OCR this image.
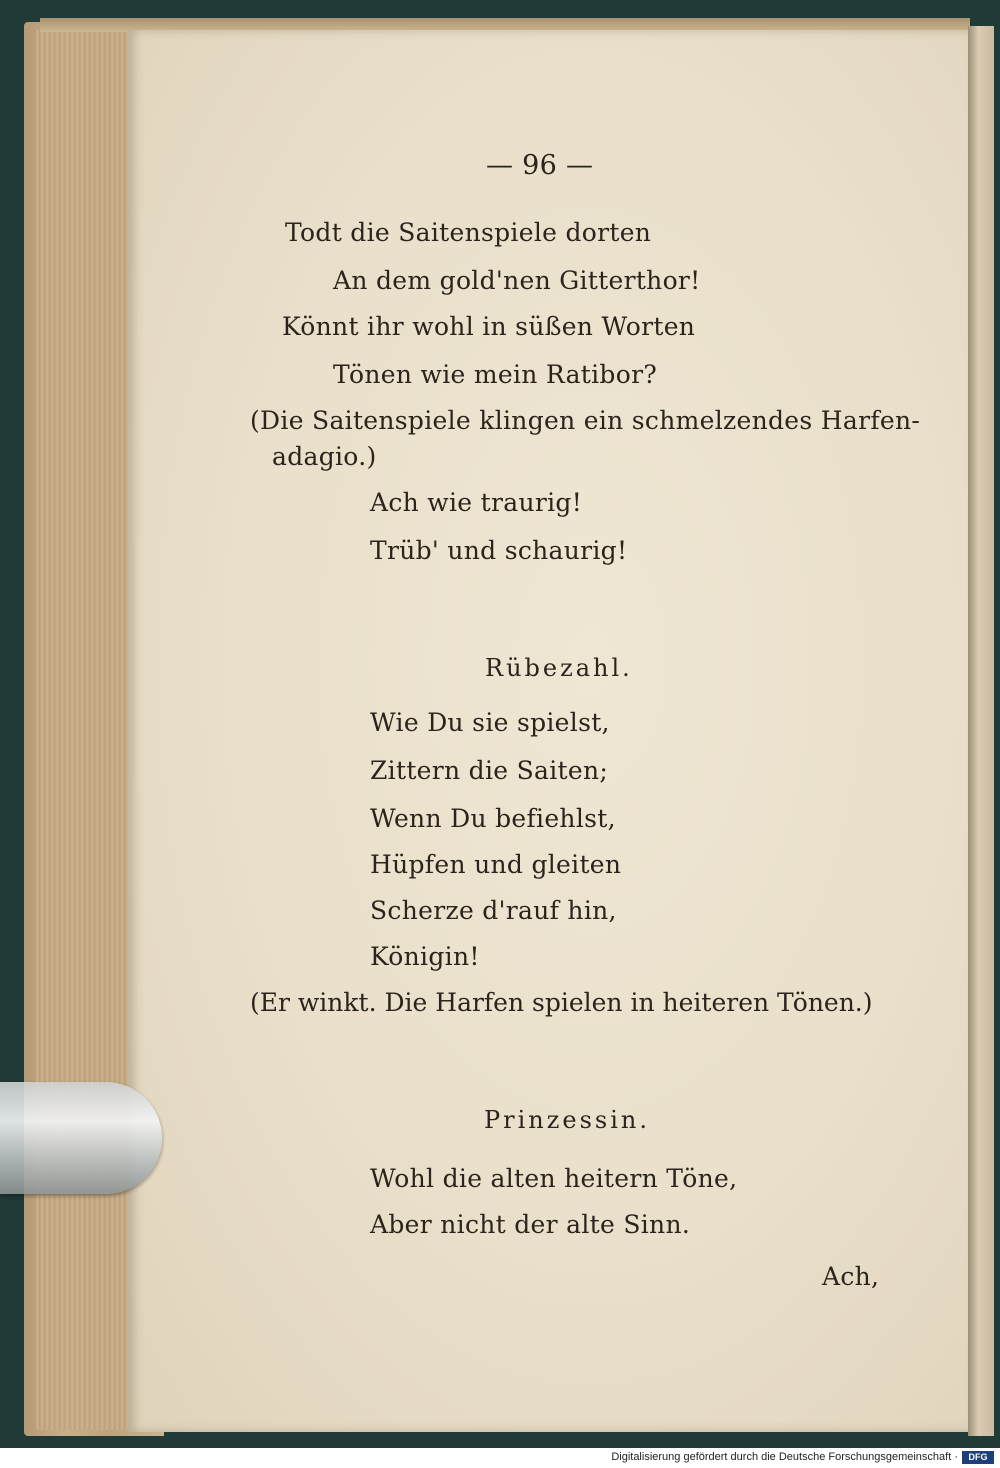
— 96 —
Todt die Saitenspiele dorten
An dem gold'nen Gitterthor!
Könnt ihr wohl in süßen Worten
Tönen wie mein Ratibor?
(Die Saitenspiele klingen ein schmelzendes Harfen-
adagio.)
Ach wie traurig!
Trüb' und schaurig!
Rübezahl.
Wie Du sie spielst,
Zittern die Saiten;
Wenn Du befiehlst,
Hüpfen und gleiten
Scherze d'rauf hin,
Königin!
(Er winkt. Die Harfen spielen in heiteren Tönen.)
Prinzessin.
Wohl die alten heitern Töne,
Aber nicht der alte Sinn.
Ach,
Digitalisierung gefördert durch die Deutsche Forschungsgemeinschaft ·	DFG
